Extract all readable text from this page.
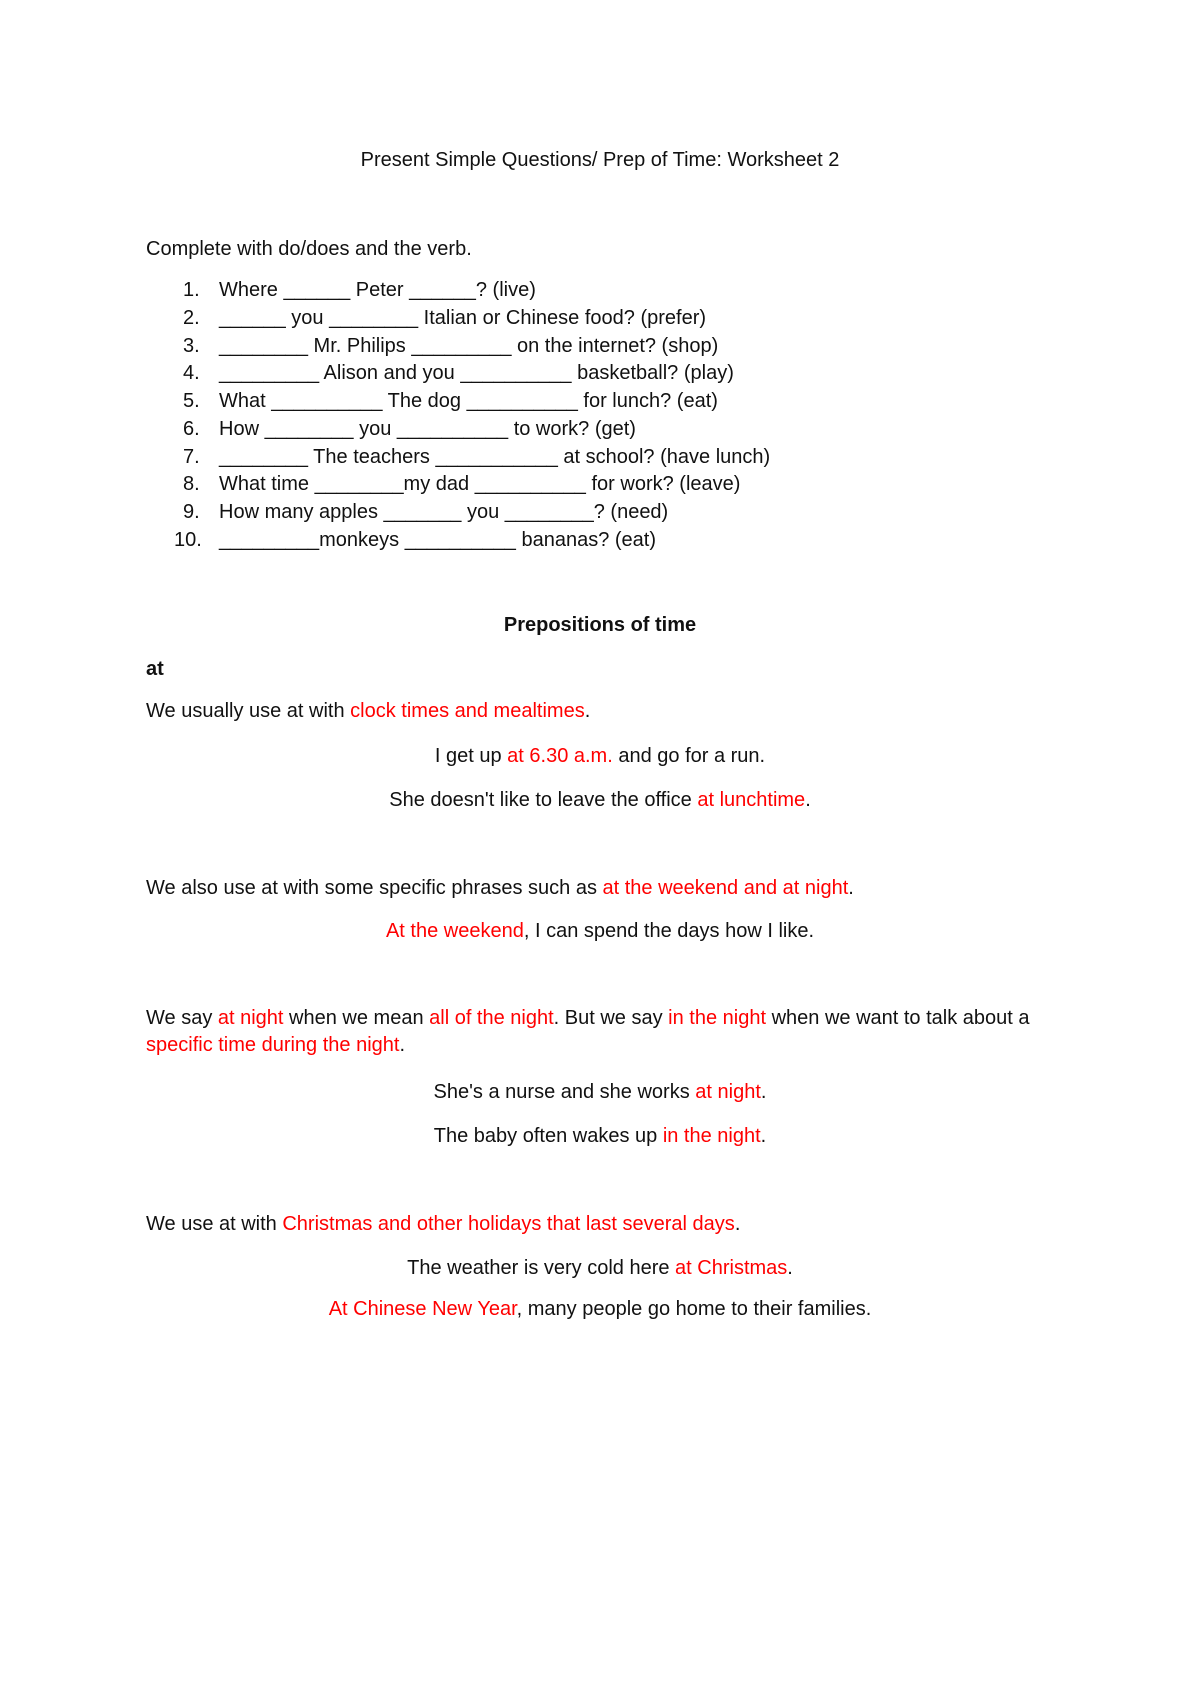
Present Simple Questions/ Prep of Time: Worksheet 2
Complete with do/does and the verb.
1. Where ______ Peter ______? (live)
2. ______ you ________ Italian or Chinese food? (prefer)
3. ________ Mr. Philips _________ on the internet? (shop)
4. _________ Alison and you __________ basketball? (play)
5. What __________ The dog __________ for lunch? (eat)
6. How ________ you __________ to work? (get)
7. ________ The teachers ___________ at school? (have lunch)
8. What time ________my dad __________ for work? (leave)
9. How many apples _______ you ________? (need)
10. _________monkeys __________ bananas? (eat)
Prepositions of time
at
We usually use at with clock times and mealtimes.
I get up at 6.30 a.m. and go for a run.
She doesn't like to leave the office at lunchtime.
We also use at with some specific phrases such as at the weekend and at night.
At the weekend, I can spend the days how I like.
We say at night when we mean all of the night. But we say in the night when we want to talk about a specific time during the night.
She's a nurse and she works at night.
The baby often wakes up in the night.
We use at with Christmas and other holidays that last several days.
The weather is very cold here at Christmas.
At Chinese New Year, many people go home to their families.
